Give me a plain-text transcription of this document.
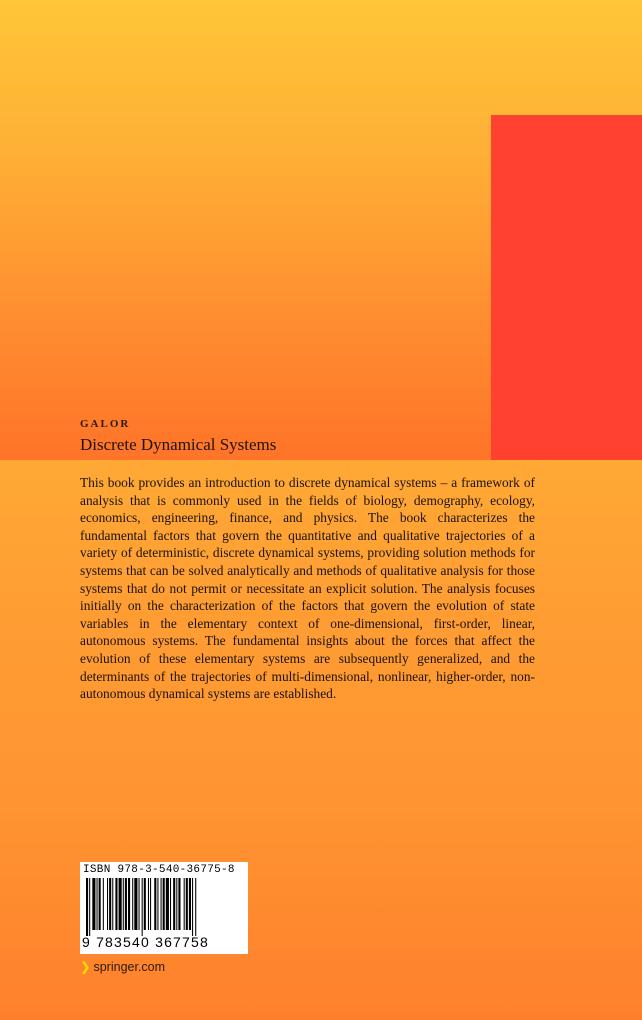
GALOR
Discrete Dynamical Systems
This book provides an introduction to discrete dynamical systems – a framework of analysis that is commonly used in the fields of biology, demography, ecology, economics, engineering, finance, and physics. The book characterizes the fundamental factors that govern the quantitative and qualitative trajectories of a variety of deterministic, discrete dynamical systems, providing solution methods for systems that can be solved analytically and methods of qualitative analysis for those systems that do not permit or necessitate an explicit solution. The analysis focuses initially on the characterization of the factors that govern the evolution of state variables in the elementary context of one-dimensional, first-order, linear, autonomous systems. The fundamental insights about the forces that affect the evolution of these elementary systems are subsequently generalized, and the determinants of the trajectories of multi-dimensional, nonlinear, higher-order, non-autonomous dynamical systems are established.
ISBN 978-3-540-36775-8
9 783540 367758
❯ springer.com
